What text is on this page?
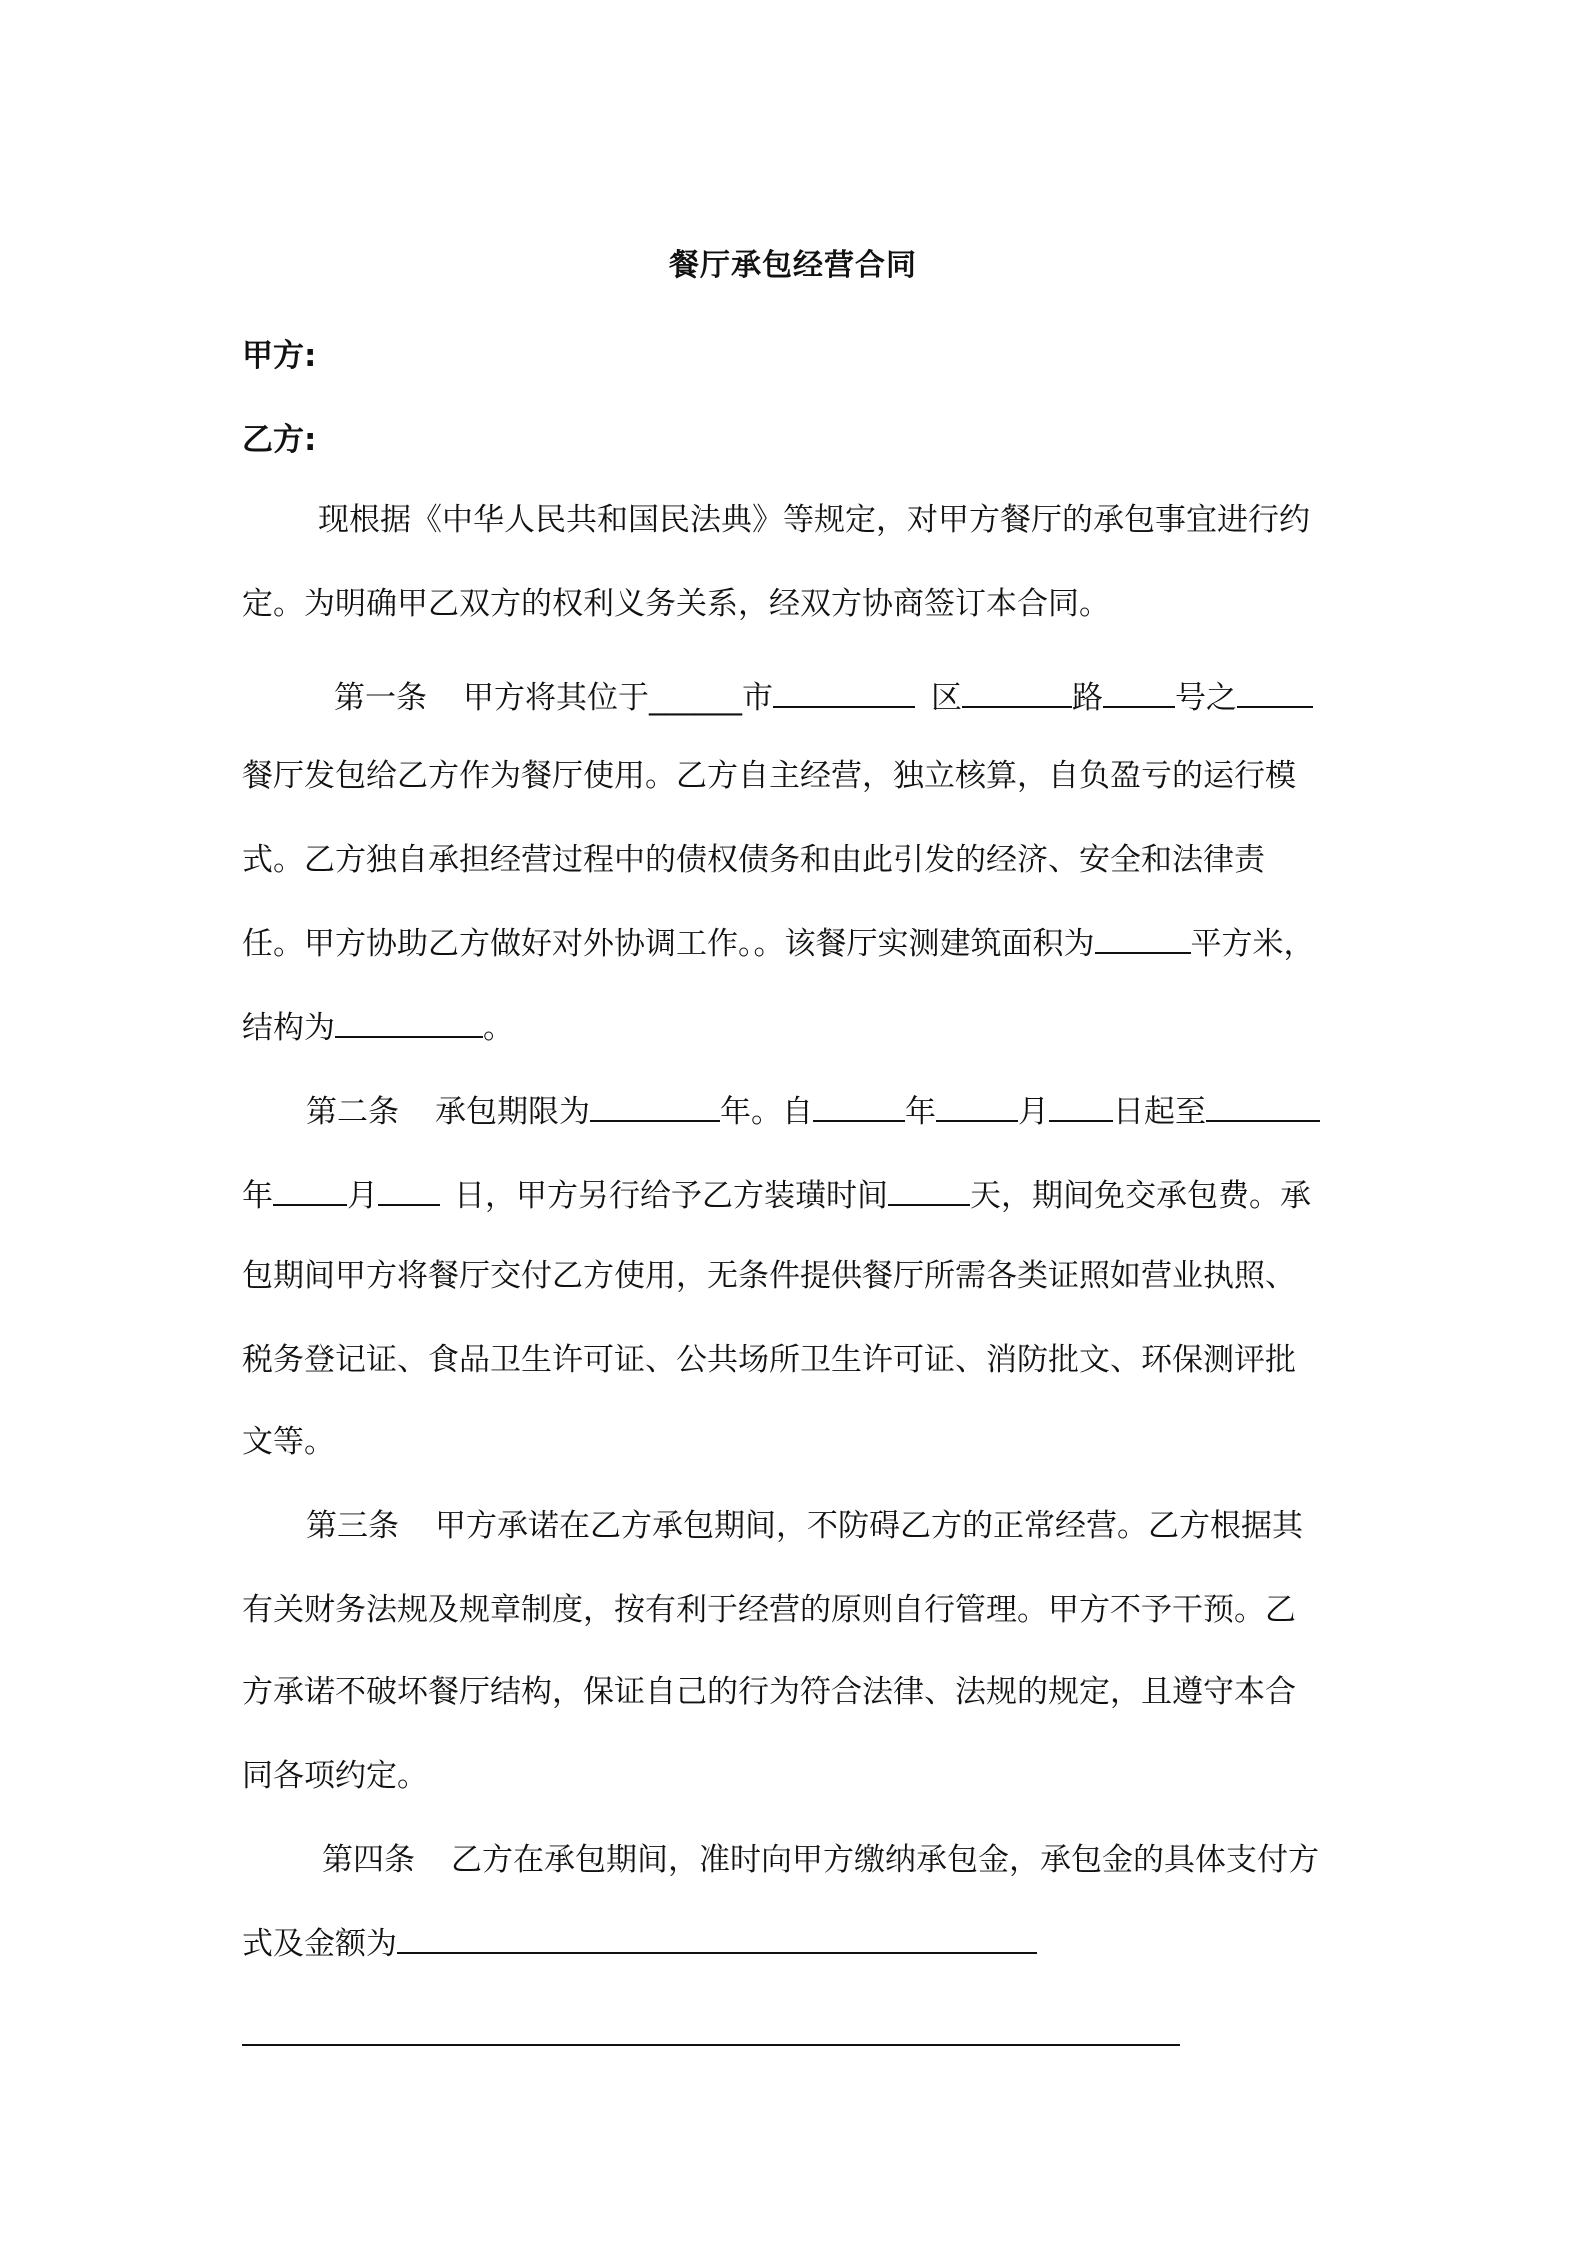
餐厅承包经营合同
甲方:
乙方:
现根据《中华人民共和国民法典》等规定，对甲方餐厅的承包事宜进行约
定。为明确甲乙双方的权利义务关系，经双方协商签订本合同。
第一条 甲方将其位于______市	区	路 号之
餐厅发包给乙方作为餐厅使用。乙方自主经营，独立核算，自负盈亏的运行模
式。乙方独自承担经营过程中的债权债务和由此引发的经济、安全和法律责
任。甲方协助乙方做好对外协调工作。。该餐厅实测建筑面积为	平方米，
结构为	。
第二条 承包期限为	年。自	年	月 日起至
年 月 日，甲方另行给予乙方装璜时间	天，期间免交承包费。承
包期间甲方将餐厅交付乙方使用，无条件提供餐厅所需各类证照如营业执照、
税务登记证、食品卫生许可证、公共场所卫生许可证、消防批文、环保测评批
文等。
第三条 甲方承诺在乙方承包期间，不防碍乙方的正常经营。乙方根据其
有关财务法规及规章制度，按有利于经营的原则自行管理。甲方不予干预。乙
方承诺不破坏餐厅结构，保证自己的行为符合法律、法规的规定，且遵守本合
同各项约定。
第四条 乙方在承包期间，准时向甲方缴纳承包金，承包金的具体支付方
式及金额为
